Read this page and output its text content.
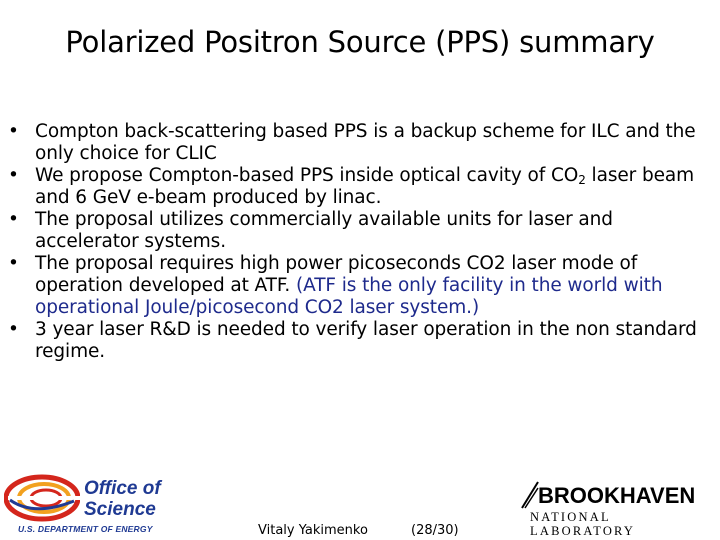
Polarized Positron Source (PPS) summary
• Compton back-scattering based PPS is a backup scheme for ILC and the only choice for CLIC
• We propose Compton-based PPS inside optical cavity of $CO_2$ laser beam and 6 GeV e-beam produced by linac.
• The proposal utilizes commercially available units for laser and accelerator systems.
• The proposal requires high power picoseconds CO2 laser mode of operation developed at ATF. (ATF is the only facility in the world with operational Joule/picosecond CO2 laser system.)
• 3 year laser R&D is needed to verify laser operation in the non standard regime.
Office of
Science
U.S. DEPARTMENT OF ENERGY	Vitaly Yakimenko	(28/30)
BROOKHAVEN
NATIONAL LABORATORY
